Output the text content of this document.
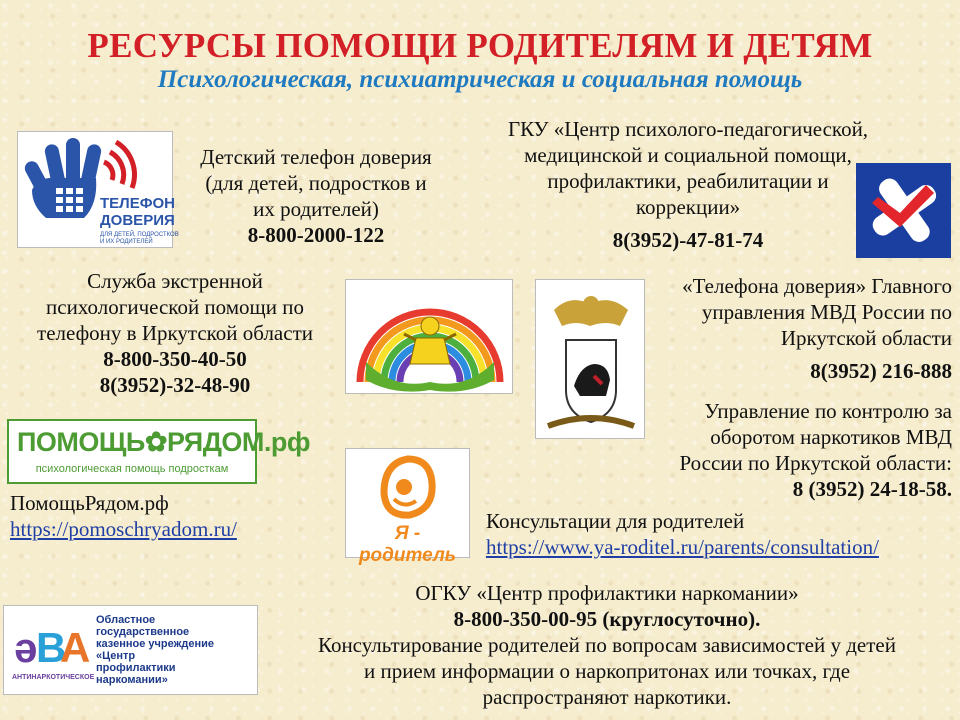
РЕСУРСЫ ПОМОЩИ РОДИТЕЛЯМ И ДЕТЯМ
Психологическая, психиатрическая и социальная помощь
ТЕЛЕФОН
ДОВЕРИЯ
ДЛЯ ДЕТЕЙ, ПОДРОСТКОВ
И ИХ РОДИТЕЛЕЙ
Детский телефон доверия
(для детей, подростков и
их родителей)
8-800-2000-122
ГКУ «Центр психолого-педагогической,
медицинской и социальной помощи,
профилактики, реабилитации и
коррекции»
8(3952)-47-81-74
Служба экстренной
психологической помощи по
телефону в Иркутской области
8-800-350-40-50
8(3952)-32-48-90
«Телефона доверия» Главного
управления МВД России по
Иркутской области
8(3952) 216-888
Управление по контролю за
оборотом наркотиков МВД
России по Иркутской области:
8 (3952) 24-18-58.
ПОМОЩЬ✿РЯДОМ.рф
психологическая помощь подросткам
ПомощьРядом.рф
https://pomoschryadom.ru/	Я - родитель
Консультации для родителей
https://www.ya-roditel.ru/parents/consultation/
ə
B
A
АНТИНАРКОТИЧЕСКОЕ
Областное
государственное
казенное учреждение
«Центр
профилактики
наркомании»
ОГКУ «Центр профилактики наркомании»
8-800-350-00-95 (круглосуточно).
Консультирование родителей по вопросам зависимостей у детей
и прием информации о наркопритонах или точках, где
распространяют наркотики.
